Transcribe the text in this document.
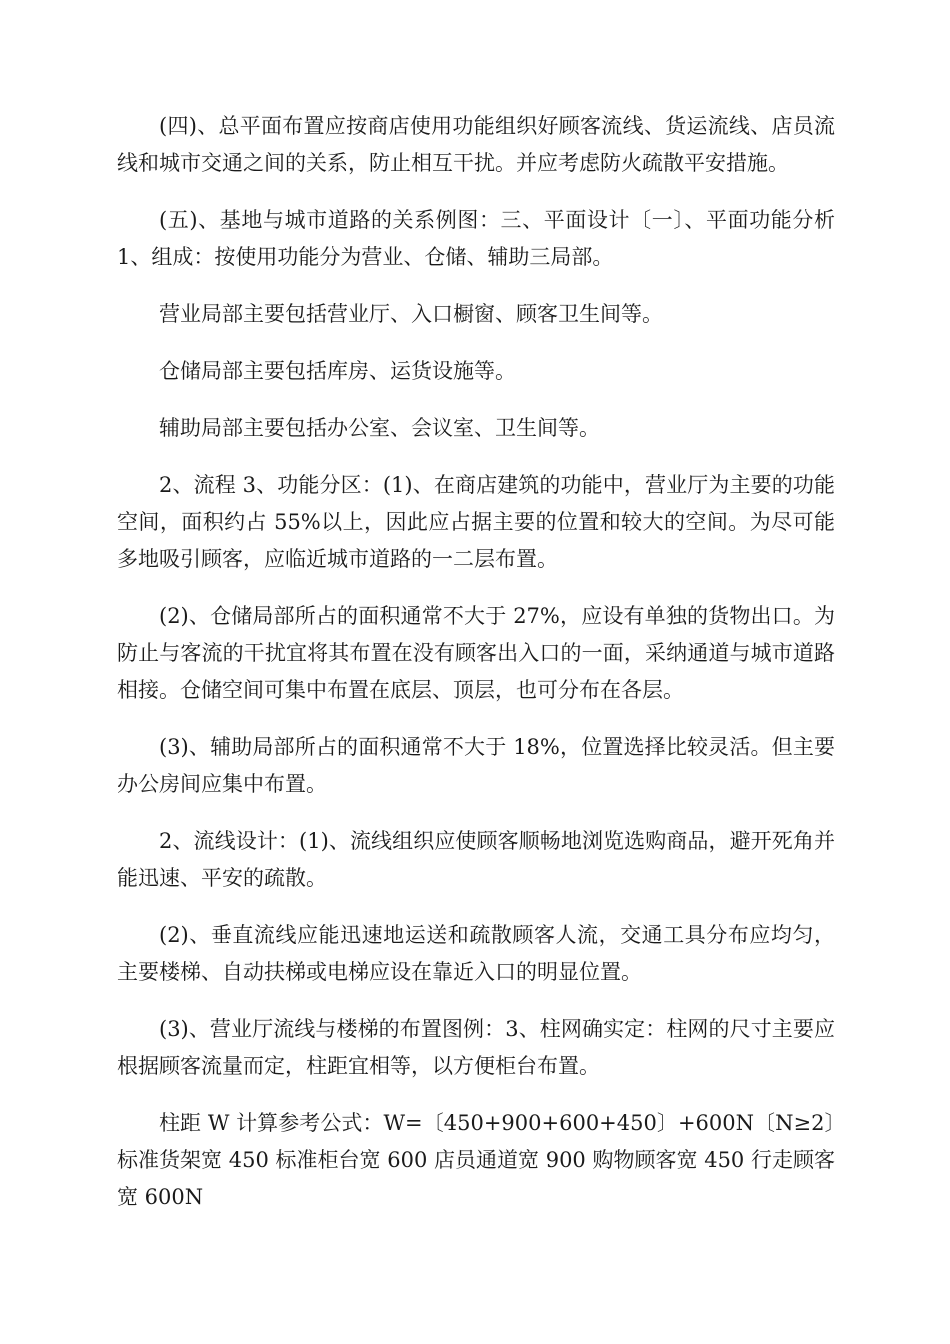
(四)、总平面布置应按商店使用功能组织好顾客流线、货运流线、店员流线和城市交通之间的关系，防止相互干扰。并应考虑防火疏散平安措施。

(五)、基地与城市道路的关系例图：三、平面设计〔一〕、平面功能分析 1、组成：按使用功能分为营业、仓储、辅助三局部。

营业局部主要包括营业厅、入口橱窗、顾客卫生间等。

仓储局部主要包括库房、运货设施等。

辅助局部主要包括办公室、会议室、卫生间等。

2、流程 3、功能分区：(1)、在商店建筑的功能中，营业厅为主要的功能空间，面积约占 55%以上，因此应占据主要的位置和较大的空间。为尽可能多地吸引顾客，应临近城市道路的一二层布置。

(2)、仓储局部所占的面积通常不大于 27%，应设有单独的货物出口。为防止与客流的干扰宜将其布置在没有顾客出入口的一面，采纳通道与城市道路相接。仓储空间可集中布置在底层、顶层，也可分布在各层。

(3)、辅助局部所占的面积通常不大于 18%，位置选择比较灵活。但主要办公房间应集中布置。

2、流线设计：(1)、流线组织应使顾客顺畅地浏览选购商品，避开死角并能迅速、平安的疏散。

(2)、垂直流线应能迅速地运送和疏散顾客人流，交通工具分布应均匀，主要楼梯、自动扶梯或电梯应设在靠近入口的明显位置。

(3)、营业厅流线与楼梯的布置图例：3、柱网确实定：柱网的尺寸主要应根据顾客流量而定，柱距宜相等，以方便柜台布置。

柱距 W 计算参考公式：W=〔450+900+600+450〕+600N〔N≥2〕标准货架宽 450 标准柜台宽 600 店员通道宽 900 购物顾客宽 450 行走顾客宽 600N
